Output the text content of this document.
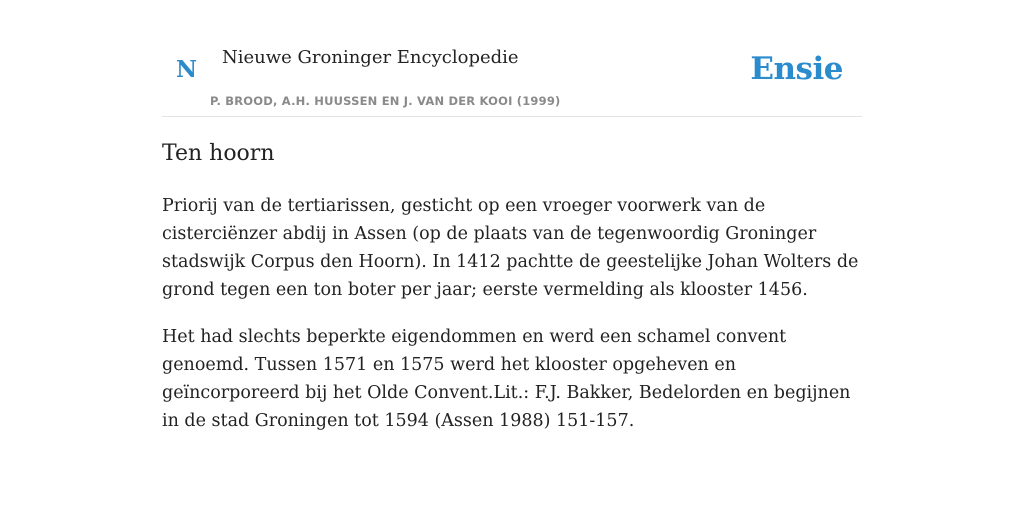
N Nieuwe Groninger Encyclopedie
P. BROOD, A.H. HUUSSEN EN J. VAN DER KOOI (1999)
Ensie
Ten hoorn

Priorij van de tertiarissen, gesticht op een vroeger voorwerk van de cisterciënzer abdij in Assen (op de plaats van de tegenwoordig Groninger stadswijk Corpus den Hoorn). In 1412 pachtte de geestelijke Johan Wolters de grond tegen een ton boter per jaar; eerste vermelding als klooster 1456.

Het had slechts beperkte eigendommen en werd een schamel convent genoemd. Tussen 1571 en 1575 werd het klooster opgeheven en geïncorporeerd bij het Olde Convent.Lit.: F.J. Bakker, Bedelorden en begijnen in de stad Groningen tot 1594 (Assen 1988) 151-157.
